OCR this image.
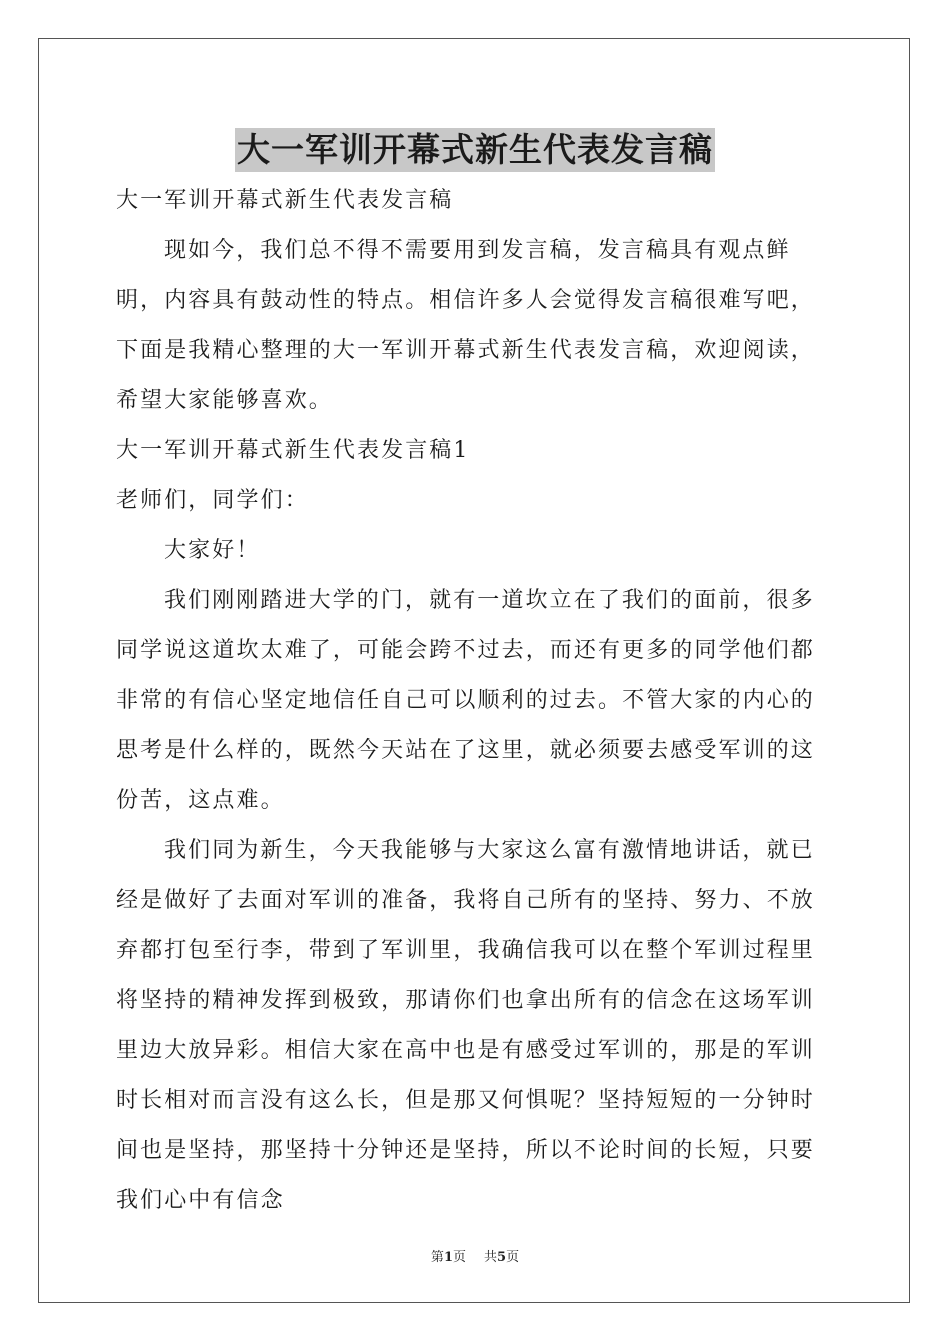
大一军训开幕式新生代表发言稿

大一军训开幕式新生代表发言稿

现如今，我们总不得不需要用到发言稿，发言稿具有观点鲜明，内容具有鼓动性的特点。相信许多人会觉得发言稿很难写吧，下面是我精心整理的大一军训开幕式新生代表发言稿，欢迎阅读，希望大家能够喜欢。

大一军训开幕式新生代表发言稿1

老师们，同学们：

大家好！

我们刚刚踏进大学的门，就有一道坎立在了我们的面前，很多同学说这道坎太难了，可能会跨不过去，而还有更多的同学他们都非常的有信心坚定地信任自己可以顺利的过去。不管大家的内心的思考是什么样的，既然今天站在了这里，就必须要去感受军训的这份苦，这点难。

我们同为新生，今天我能够与大家这么富有激情地讲话，就已经是做好了去面对军训的准备，我将自己所有的坚持、努力、不放弃都打包至行李，带到了军训里，我确信我可以在整个军训过程里将坚持的精神发挥到极致，那请你们也拿出所有的信念在这场军训里边大放异彩。相信大家在高中也是有感受过军训的，那是的军训时长相对而言没有这么长，但是那又何惧呢？坚持短短的一分钟时间也是坚持，那坚持十分钟还是坚持，所以不论时间的长短，只要我们心中有信念

第1页 共5页
